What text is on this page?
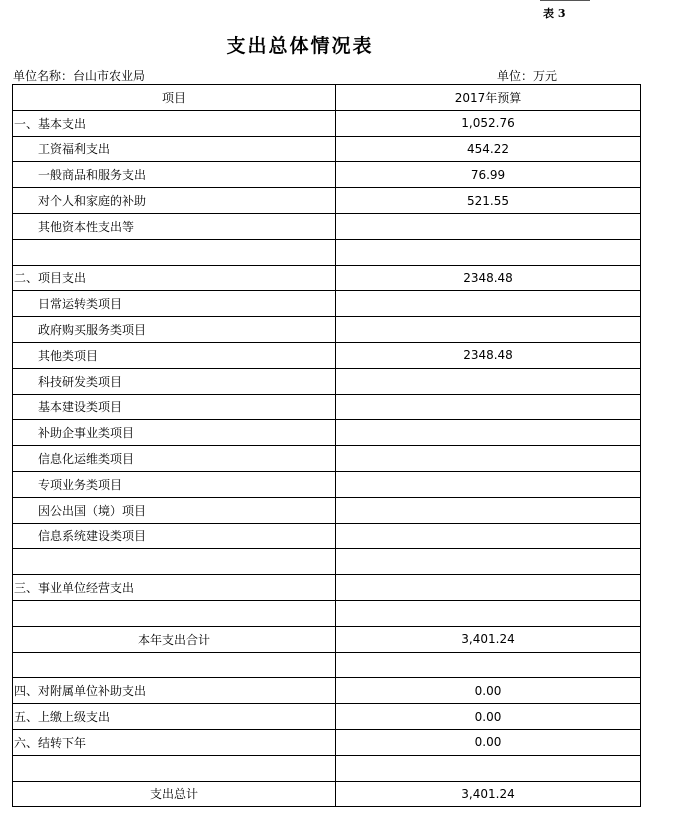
表 3
支出总体情况表
单位名称：台山市农业局	单位：万元
项目	2017年预算
一、基本支出	1,052.76
工资福利支出	454.22
一般商品和服务支出	76.99
对个人和家庭的补助	521.55
其他资本性支出等	

二、项目支出	2348.48
日常运转类项目	
政府购买服务类项目	
其他类项目	2348.48
科技研发类项目	
基本建设类项目	
补助企事业类项目	
信息化运维类项目	
专项业务类项目	
因公出国（境）项目	
信息系统建设类项目	

三、事业单位经营支出	

本年支出合计	3,401.24

四、对附属单位补助支出	0.00
五、上缴上级支出	0.00
六、结转下年	0.00

支出总计	3,401.24
